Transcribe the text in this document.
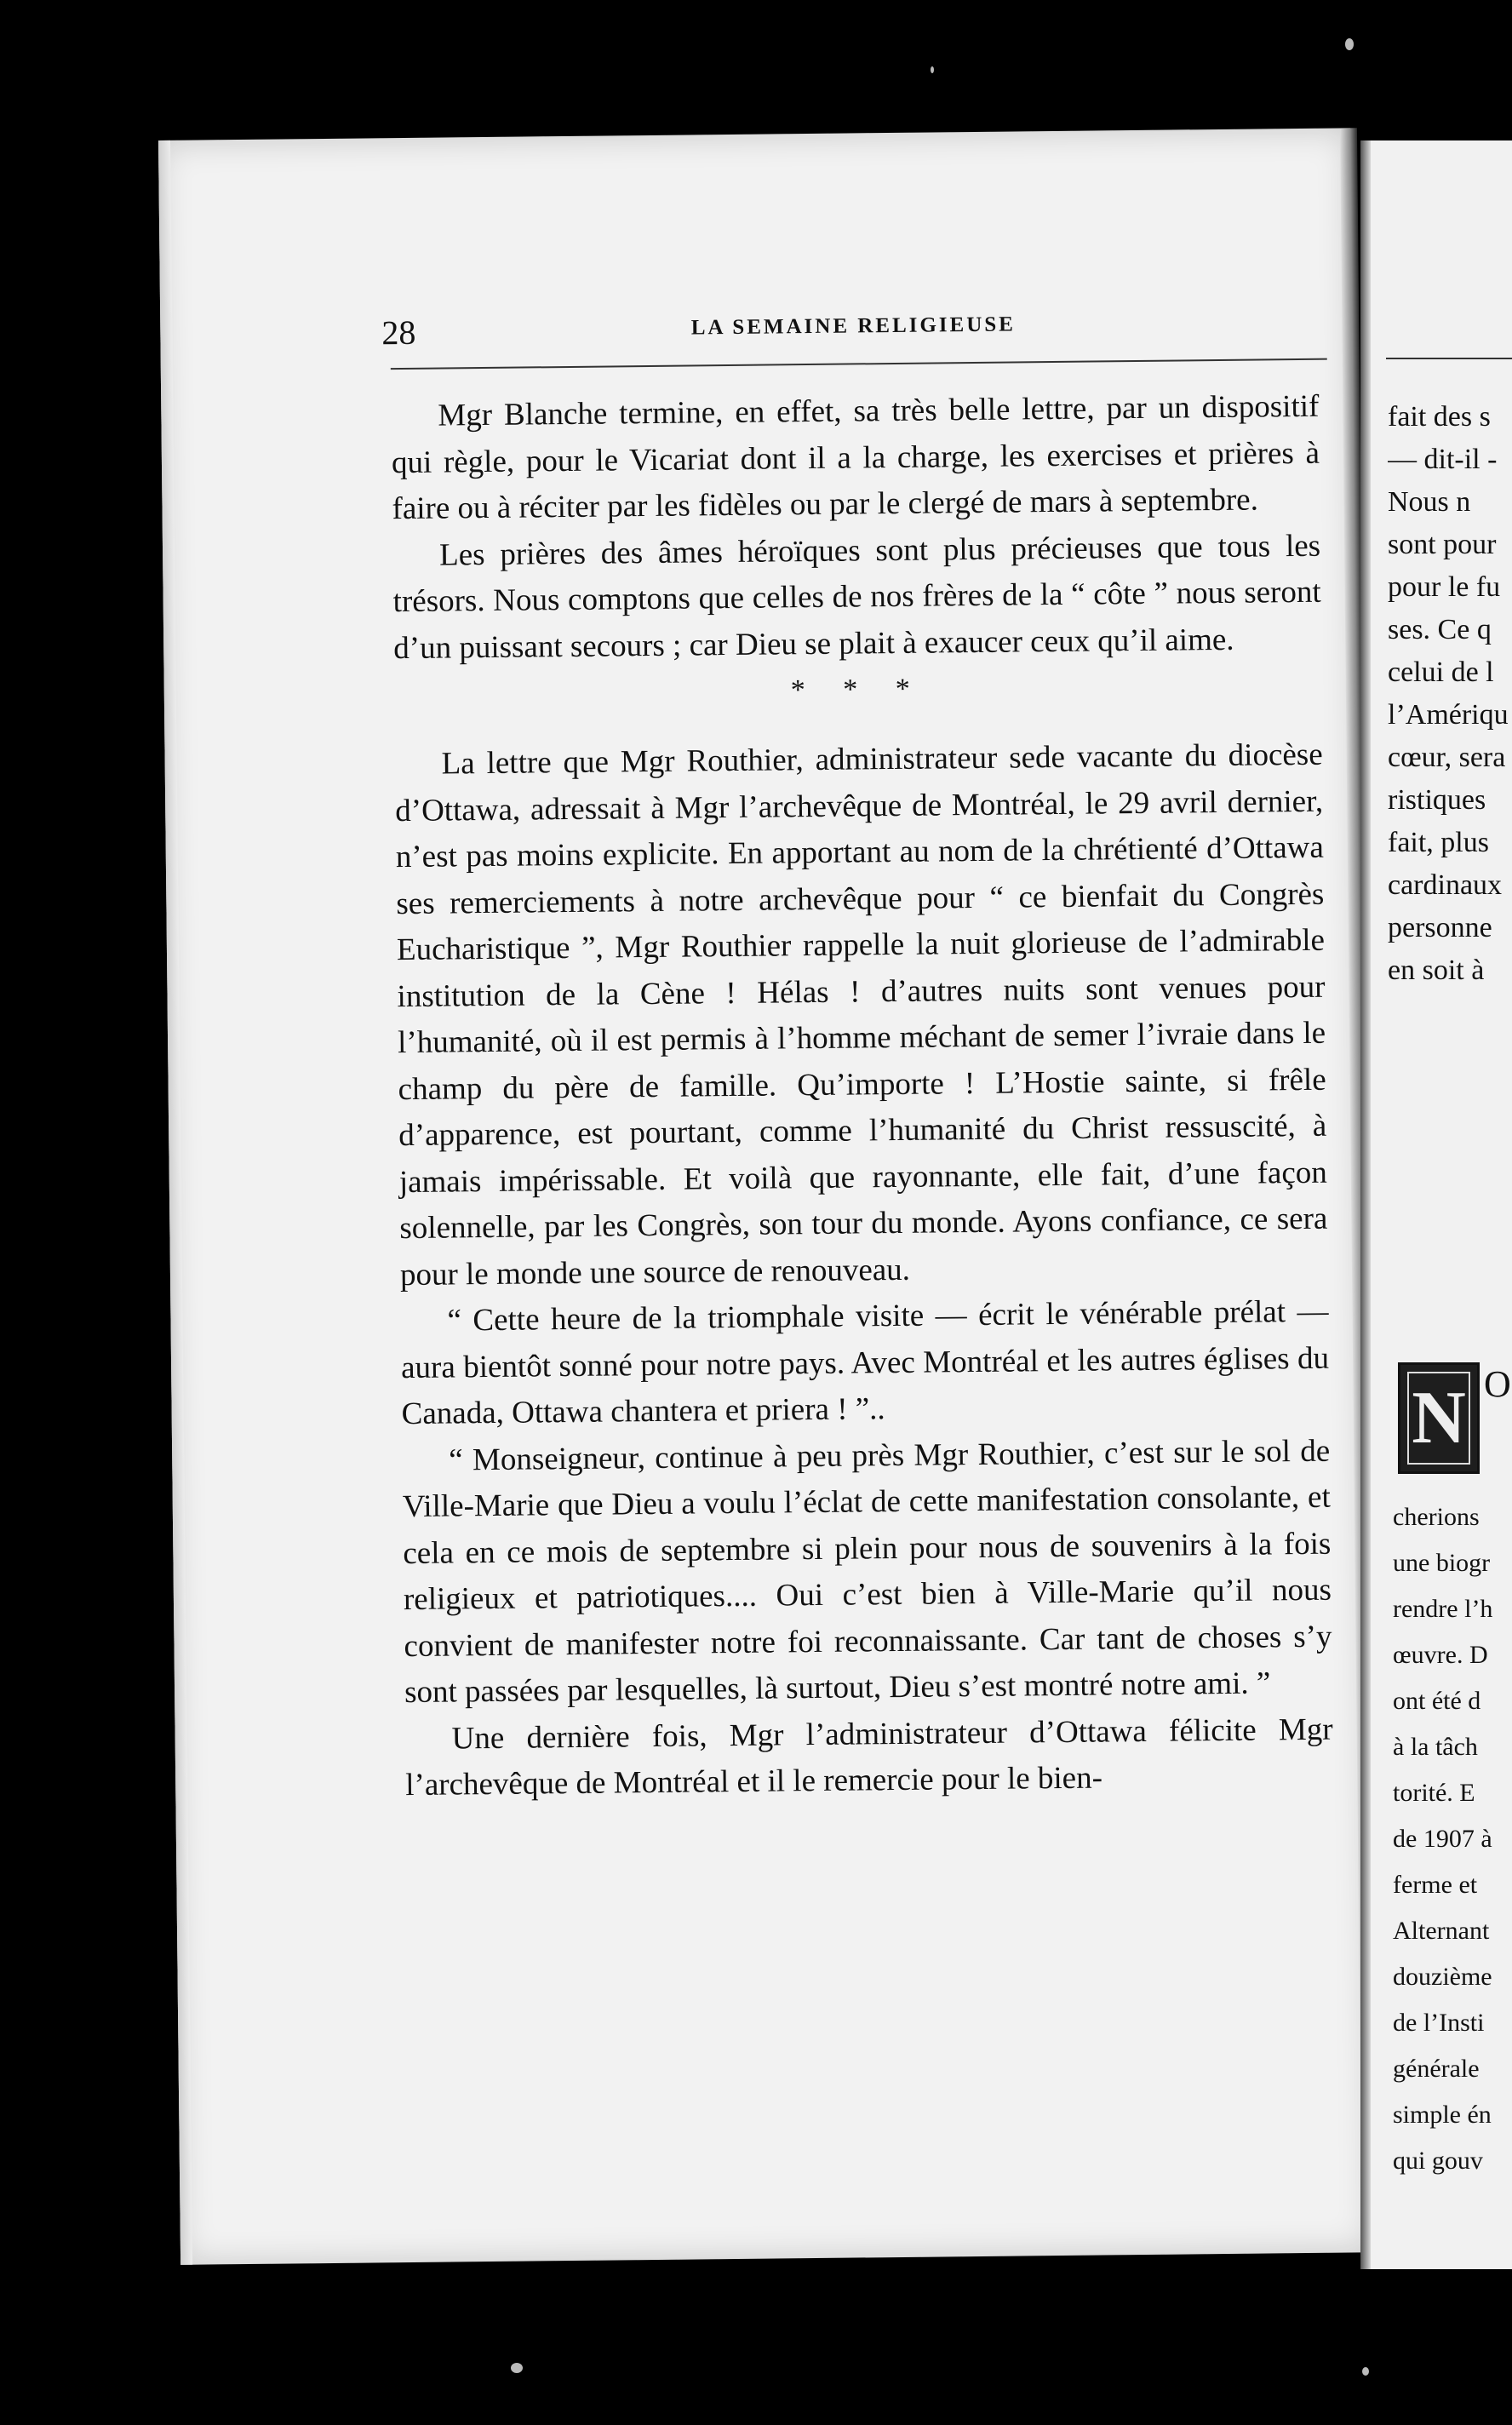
28	LA SEMAINE RELIGIEUSE

Mgr Blanche termine, en effet, sa très belle lettre, par un dispositif qui règle, pour le Vicariat dont il a la charge, les exercises et prières à faire ou à réciter par les fidèles ou par le clergé de mars à septembre.

Les prières des âmes héroïques sont plus précieuses que tous les trésors. Nous comptons que celles de nos frères de la “ côte ” nous seront d’un puissant secours ; car Dieu se plait à exaucer ceux qu’il aime.

* * *

La lettre que Mgr Routhier, administrateur sede vacante du diocèse d’Ottawa, adressait à Mgr l’archevêque de Montréal, le 29 avril dernier, n’est pas moins explicite. En apportant au nom de la chrétienté d’Ottawa ses remerciements à notre archevêque pour “ ce bienfait du Congrès Eucharistique ”, Mgr Routhier rappelle la nuit glorieuse de l’admirable institution de la Cène ! Hélas ! d’autres nuits sont venues pour l’humanité, où il est permis à l’homme méchant de semer l’ivraie dans le champ du père de famille. Qu’importe ! L’Hostie sainte, si frêle d’apparence, est pourtant, comme l’humanité du Christ ressuscité, à jamais impérissable. Et voilà que rayonnante, elle fait, d’une façon solennelle, par les Congrès, son tour du monde. Ayons confiance, ce sera pour le monde une source de renouveau.

“ Cette heure de la triomphale visite — écrit le vénérable prélat — aura bientôt sonné pour notre pays. Avec Montréal et les autres églises du Canada, Ottawa chantera et priera ! ”..

“ Monseigneur, continue à peu près Mgr Routhier, c’est sur le sol de Ville-Marie que Dieu a voulu l’éclat de cette manifestation consolante, et cela en ce mois de septembre si plein pour nous de souvenirs à la fois religieux et patriotiques.... Oui c’est bien à Ville-Marie qu’il nous convient de manifester notre foi reconnaissante. Car tant de choses s’y sont passées par lesquelles, là surtout, Dieu s’est montré notre ami. ”

Une dernière fois, Mgr l’administrateur d’Ottawa félicite Mgr l’archevêque de Montréal et il le remercie pour le bien-

fait des s
— dit-il -
Nous n
sont pour
pour le fu
ses. Ce q
celui de l
l’Amériqu
cœur, sera
ristiques
fait, plus
cardinaux
personne
en soit à
N O
cherions
une biogr
rendre l’h
œuvre. D
ont été d
à la tâch
torité. E
de 1907 à
ferme et
Alternant
douzième
de l’Insti
générale
simple én
qui gouv
